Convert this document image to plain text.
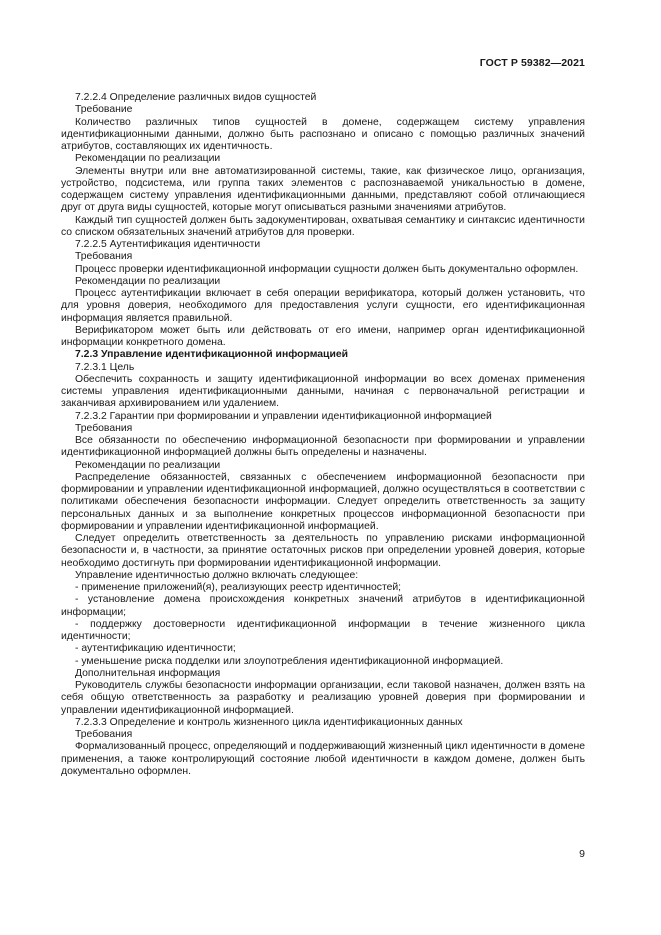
ГОСТ Р 59382—2021

7.2.2.4 Определение различных видов сущностей

Требование

Количество различных типов сущностей в домене, содержащем систему управления идентификационными данными, должно быть распознано и описано с помощью различных значений атрибутов, составляющих их идентичность.

Рекомендации по реализации

Элементы внутри или вне автоматизированной системы, такие, как физическое лицо, организация, устройство, подсистема, или группа таких элементов с распознаваемой уникальностью в домене, содержащем систему управления идентификационными данными, представляют собой отличающиеся друг от друга виды сущностей, которые могут описываться разными значениями атрибутов.

Каждый тип сущностей должен быть задокументирован, охватывая семантику и синтаксис идентичности со списком обязательных значений атрибутов для проверки.

7.2.2.5 Аутентификация идентичности

Требования

Процесс проверки идентификационной информации сущности должен быть документально оформлен.

Рекомендации по реализации

Процесс аутентификации включает в себя операции верификатора, который должен установить, что для уровня доверия, необходимого для предоставления услуги сущности, его идентификационная информация является правильной.

Верификатором может быть или действовать от его имени, например орган идентификационной информации конкретного домена.

7.2.3 Управление идентификационной информацией

7.2.3.1 Цель

Обеспечить сохранность и защиту идентификационной информации во всех доменах применения системы управления идентификационными данными, начиная с первоначальной регистрации и заканчивая архивированием или удалением.

7.2.3.2 Гарантии при формировании и управлении идентификационной информацией

Требования

Все обязанности по обеспечению информационной безопасности при формировании и управлении идентификационной информацией должны быть определены и назначены.

Рекомендации по реализации

Распределение обязанностей, связанных с обеспечением информационной безопасности при формировании и управлении идентификационной информацией, должно осуществляться в соответствии с политиками обеспечения безопасности информации. Следует определить ответственность за защиту персональных данных и за выполнение конкретных процессов информационной безопасности при формировании и управлении идентификационной информацией.

Следует определить ответственность за деятельность по управлению рисками информационной безопасности и, в частности, за принятие остаточных рисков при определении уровней доверия, которые необходимо достигнуть при формировании идентификационной информации.

Управление идентичностью должно включать следующее:

- применение приложений(я), реализующих реестр идентичностей;

- установление домена происхождения конкретных значений атрибутов в идентификационной информации;

- поддержку достоверности идентификационной информации в течение жизненного цикла идентичности;

- аутентификацию идентичности;

- уменьшение риска подделки или злоупотребления идентификационной информацией.

Дополнительная информация

Руководитель службы безопасности информации организации, если таковой назначен, должен взять на себя общую ответственность за разработку и реализацию уровней доверия при формировании и управлении идентификационной информацией.

7.2.3.3 Определение и контроль жизненного цикла идентификационных данных

Требования

Формализованный процесс, определяющий и поддерживающий жизненный цикл идентичности в домене применения, а также контролирующий состояние любой идентичности в каждом домене, должен быть документально оформлен.

9
